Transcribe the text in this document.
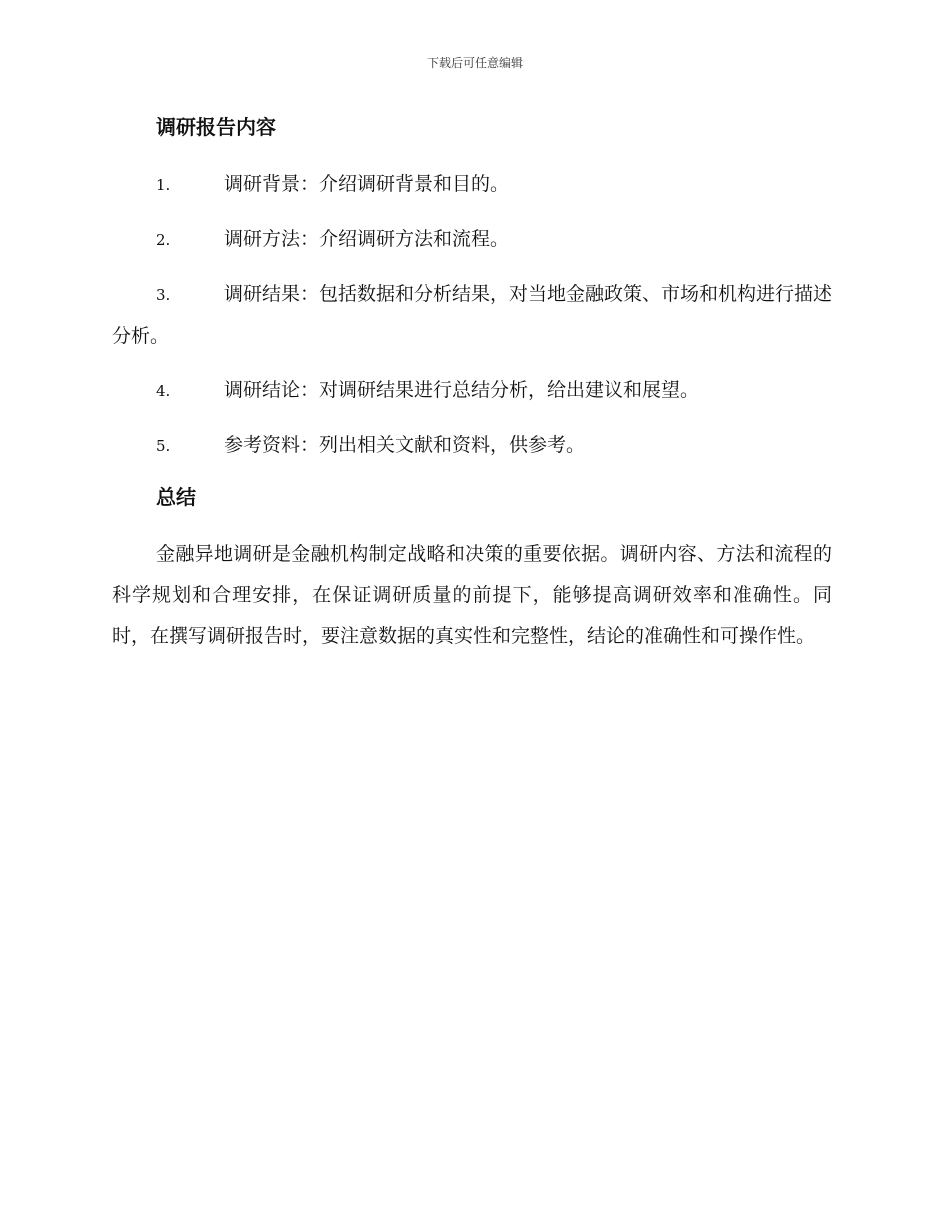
下载后可任意编辑
调研报告内容
1.	调研背景：介绍调研背景和目的。
2.	调研方法：介绍调研方法和流程。
3.	调研结果：包括数据和分析结果，对当地金融政策、市场和机构进行描述分析。
4.	调研结论：对调研结果进行总结分析，给出建议和展望。
5.	参考资料：列出相关文献和资料，供参考。
总结

金融异地调研是金融机构制定战略和决策的重要依据。调研内容、方法和流程的科学规划和合理安排，在保证调研质量的前提下，能够提高调研效率和准确性。同时，在撰写调研报告时，要注意数据的真实性和完整性，结论的准确性和可操作性。
